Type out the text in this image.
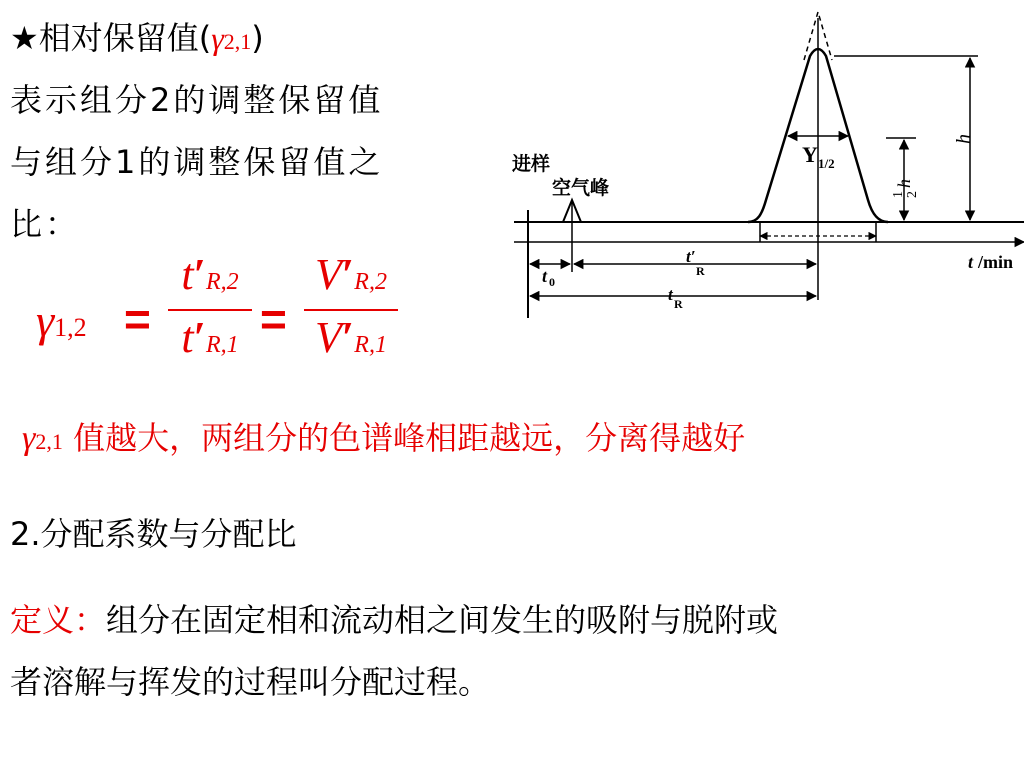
★相对保留值(γ2,1)
表示组分2的调整保留值
与组分1的调整保留值之
比：
γ1,2 =
t′R,2
t′R,1 =
V′R,2
V′R,1
γ2,1 值越大，两组分的色谱峰相距越远，分离得越好
2.分配系数与分配比
定义：组分在固定相和流动相之间发生的吸附与脱附或
者溶解与挥发的过程叫分配过程。
Y 1/2
h
1 2
h
t 0
t′
R
t R
进样
空气峰
t /min
